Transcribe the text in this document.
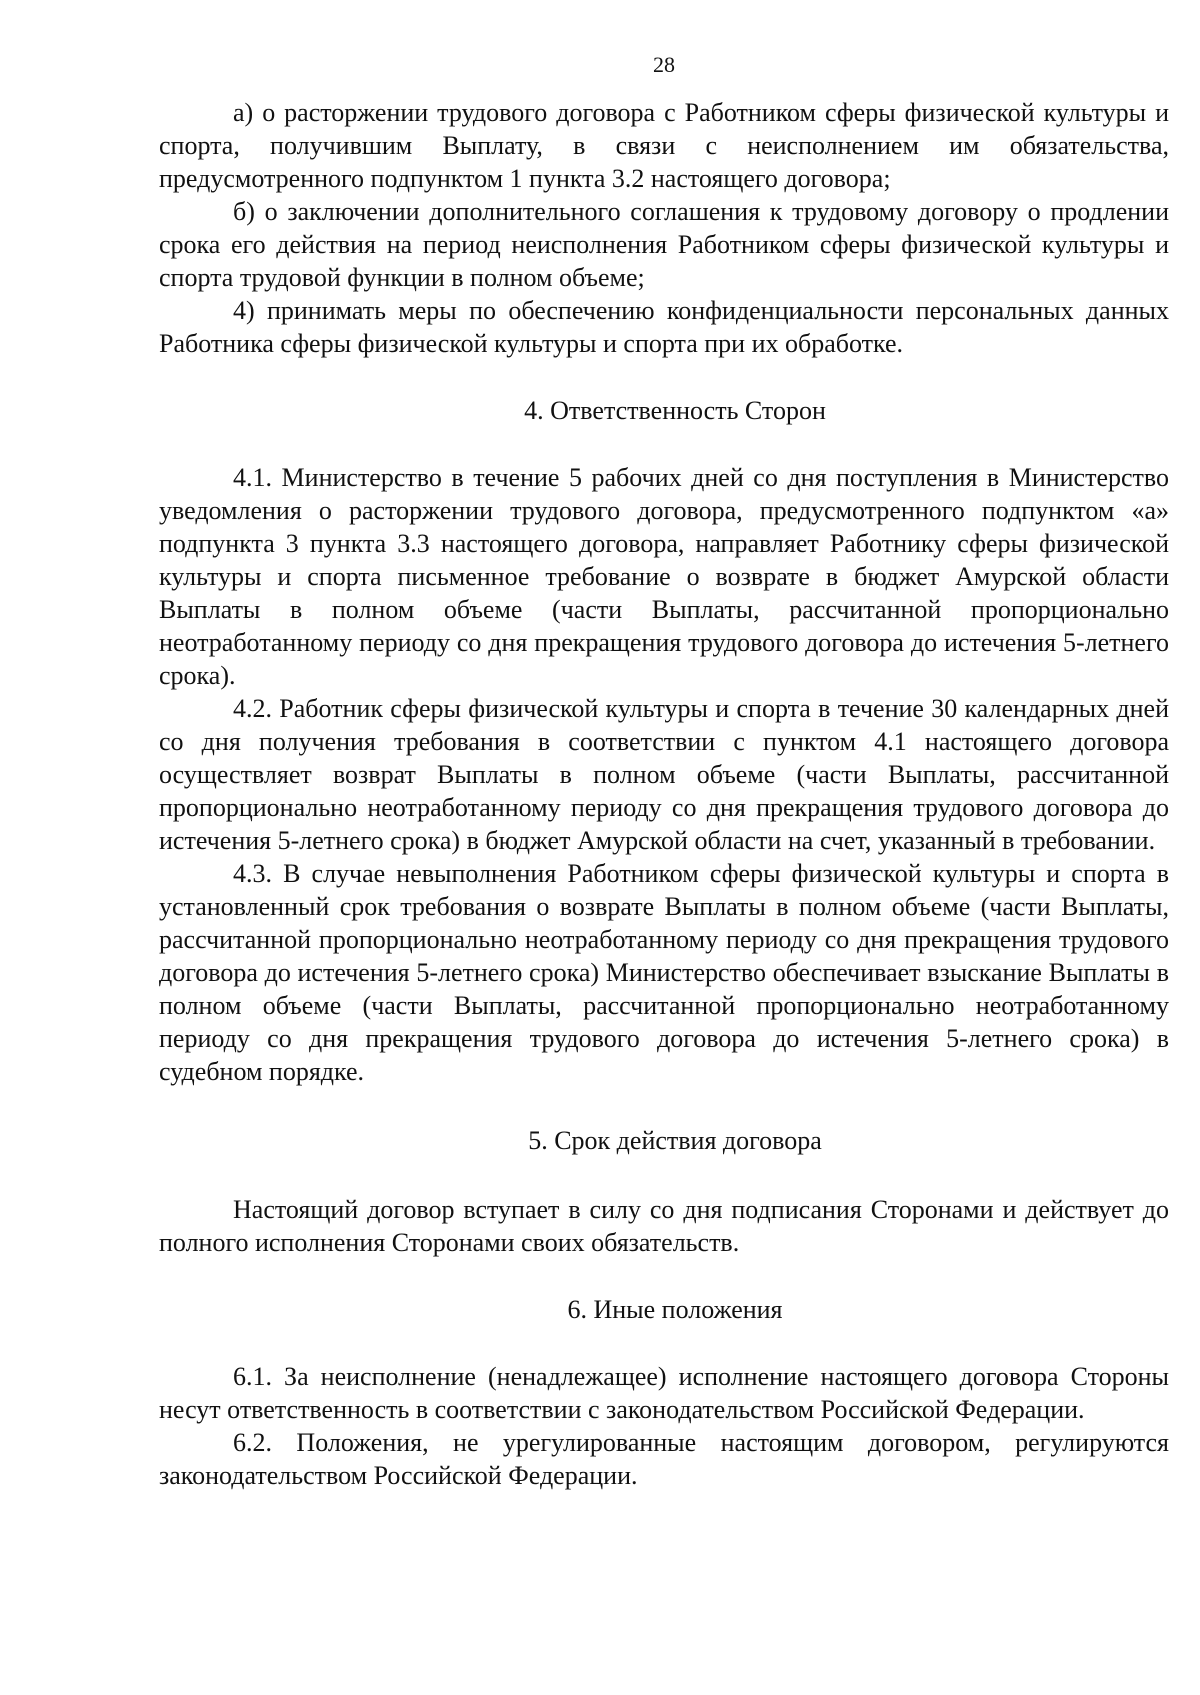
28

а) о расторжении трудового договора с Работником сферы физической культуры и спорта, получившим Выплату, в связи с неисполнением им обязательства, предусмотренного подпунктом 1 пункта 3.2 настоящего договора;

б) о заключении дополнительного соглашения к трудовому договору о продлении срока его действия на период неисполнения Работником сферы физической культуры и спорта трудовой функции в полном объеме;

4) принимать меры по обеспечению конфиденциальности персональных данных Работника сферы физической культуры и спорта при их обработке.

4. Ответственность Сторон

4.1. Министерство в течение 5 рабочих дней со дня поступления в Министерство уведомления о расторжении трудового договора, предусмотренного подпунктом «а» подпункта 3 пункта 3.3 настоящего договора, направляет Работнику сферы физической культуры и спорта письменное требование о возврате в бюджет Амурской области Выплаты в полном объеме (части Выплаты, рассчитанной пропорционально неотработанному периоду со дня прекращения трудового договора до истечения 5-летнего срока).

4.2. Работник сферы физической культуры и спорта в течение 30 календарных дней со дня получения требования в соответствии с пунктом 4.1 настоящего договора осуществляет возврат Выплаты в полном объеме (части Выплаты, рассчитанной пропорционально неотработанному периоду со дня прекращения трудового договора до истечения 5-летнего срока) в бюджет Амурской области на счет, указанный в требовании.

4.3. В случае невыполнения Работником сферы физической культуры и спорта в установленный срок требования о возврате Выплаты в полном объеме (части Выплаты, рассчитанной пропорционально неотработанному периоду со дня прекращения трудового договора до истечения 5-летнего срока) Министерство обеспечивает взыскание Выплаты в полном объеме (части Выплаты, рассчитанной пропорционально неотработанному периоду со дня прекращения трудового договора до истечения 5-летнего срока) в судебном порядке.

5. Срок действия договора

Настоящий договор вступает в силу со дня подписания Сторонами и действует до полного исполнения Сторонами своих обязательств.

6. Иные положения

6.1. За неисполнение (ненадлежащее) исполнение настоящего договора Стороны несут ответственность в соответствии с законодательством Российской Федерации.

6.2. Положения, не урегулированные настоящим договором, регулируются законодательством Российской Федерации.
